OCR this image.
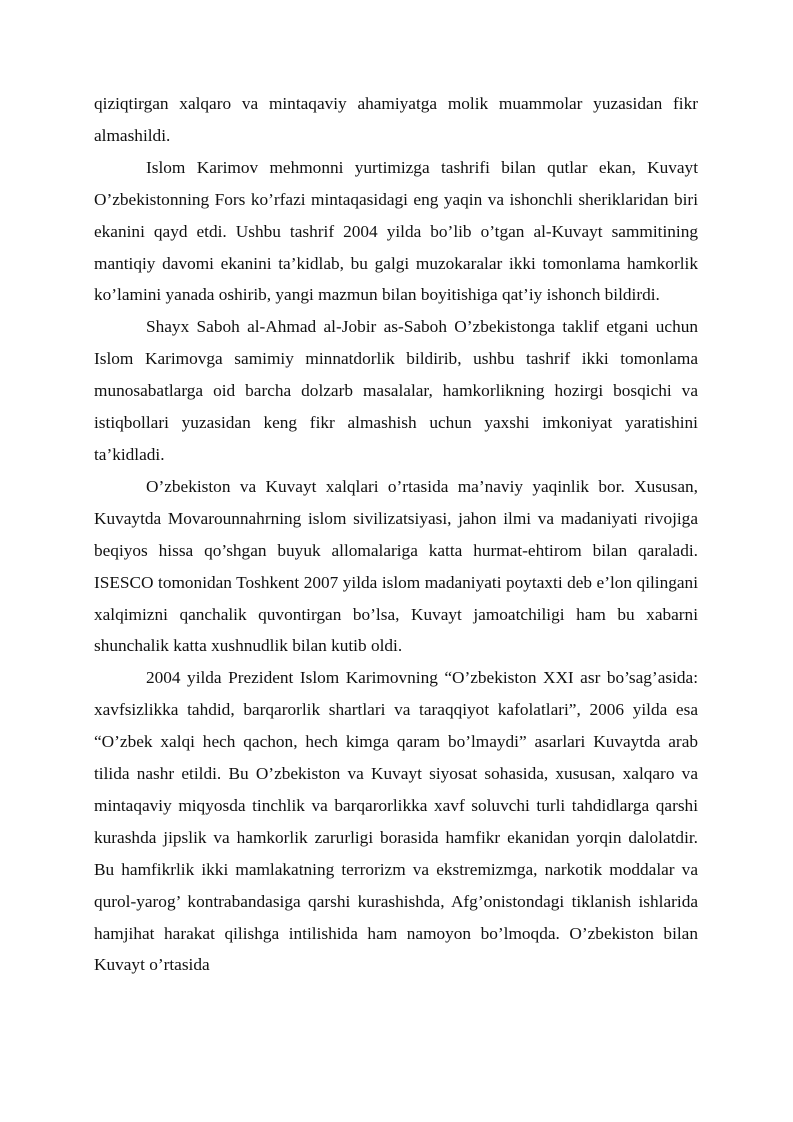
qiziqtirgan xalqaro va mintaqaviy ahamiyatga molik muammolar yuzasidan fikr almashildi.

Islom Karimov mehmonni yurtimizga tashrifi bilan qutlar ekan, Kuvayt O’zbekistonning Fors ko’rfazi mintaqasidagi eng yaqin va ishonchli sheriklaridan biri ekanini qayd etdi. Ushbu tashrif 2004 yilda bo’lib o’tgan al-Kuvayt sammitining mantiqiy davomi ekanini ta’kidlab, bu galgi muzokaralar ikki tomonlama hamkorlik ko’lamini yanada oshirib, yangi mazmun bilan boyitishiga qat’iy ishonch bildirdi.

Shayx Saboh al-Ahmad al-Jobir as-Saboh O’zbekistonga taklif etgani uchun Islom Karimovga samimiy minnatdorlik bildirib, ushbu tashrif ikki tomonlama munosabatlarga oid barcha dolzarb masalalar, hamkorlikning hozirgi bosqichi va istiqbollari yuzasidan keng fikr almashish uchun yaxshi imkoniyat yaratishini ta’kidladi.

O’zbekiston va Kuvayt xalqlari o’rtasida ma’naviy yaqinlik bor. Xususan, Kuvaytda Movarounnahrning islom sivilizatsiyasi, jahon ilmi va madaniyati rivojiga beqiyos hissa qo’shgan buyuk allomalariga katta hurmat-ehtirom bilan qaraladi. ISESCO tomonidan Toshkent 2007 yilda islom madaniyati poytaxti deb e’lon qilingani xalqimizni qanchalik quvontirgan bo’lsa, Kuvayt jamoatchiligi ham bu xabarni shunchalik katta xushnudlik bilan kutib oldi.

2004 yilda Prezident Islom Karimovning “O’zbekiston XXI asr bo’sag’asida: xavfsizlikka tahdid, barqarorlik shartlari va taraqqiyot kafolatlari”, 2006 yilda esa “O’zbek xalqi hech qachon, hech kimga qaram bo’lmaydi” asarlari Kuvaytda arab tilida nashr etildi. Bu O’zbekiston va Kuvayt siyosat sohasida, xususan, xalqaro va mintaqaviy miqyosda tinchlik va barqarorlikka xavf soluvchi turli tahdidlarga qarshi kurashda jipslik va hamkorlik zarurligi borasida hamfikr ekanidan yorqin dalolatdir. Bu hamfikrlik ikki mamlakatning terrorizm va ekstremizmga, narkotik moddalar va qurol-yarog’ kontrabandasiga qarshi kurashishda, Afg’onistondagi tiklanish ishlarida hamjihat harakat qilishga intilishida ham namoyon bo’lmoqda. O’zbekiston bilan Kuvayt o’rtasida
